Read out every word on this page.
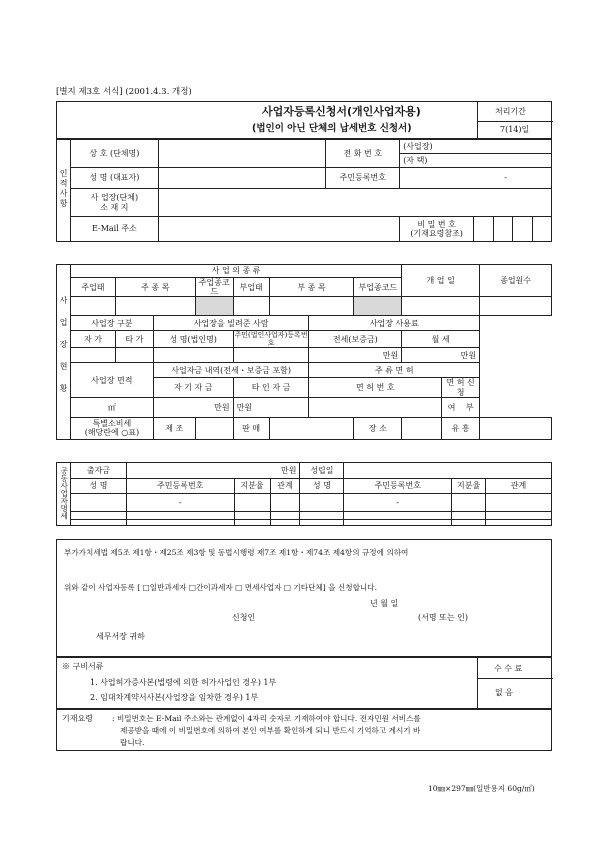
[별지 제3호 서식] (2001.4.3. 개정)
사업자등록신청서(개인사업자용)
(법인이 아닌 단체의 납세번호 신청서)
처리기간
7(14)일
인적사항	상 호 (단체명)		전 화 번 호	(사업장)	
				(자 택)	
	성 명 (대표자)		주민등록번호	-	
	사 업장(단체)
소 재 지				
	E-Mail 주소			비 밀 번 호
(기재요령참조)	
사업장현황	사 업 의 종 류								개 업 일		종업원수
	주업태	주 종 목		주업종코드	부업태	부 종 목		부업종코드			

	사업장 구분		사업장을 빌려준 사람				사업장 사용료				
	자 가	타 가	성 명(법인명)		주민(법인사업자)등록번호		전세(보증금)		월 세		
							만원		만원		
	사업장 면적		사업자금 내역(전세・보증금 포함)				주 류 면 허				
			자 기 자 금		타 인 자 금		면 허 번 호			면 허 신 청	
	㎡		만원		만원					여 부	
	특별소비세
(해당란에 ○표)		제 조		판 매			장 소		유 흥	
공동사업자명세	출자금	만원			성립일			
	성 명	주민등록번호	지분율	관계	성 명	주민등록번호	지분율	관계
		-				-		

부가가치세법 제5조 제1항・제25조 제3항 및 동법시행령 제7조 제1항・제74조 제4항의 규정에 의하여
위와 같이 사업자등록 [ □일반과세자 □간이과세자 □ 면세사업자 □ 기타단체] 을 신청합니다.
년 월 일
신청인	(서명 또는 인)
세무서장 귀하
※ 구비서류
1. 사업허가증사본(법령에 의한 허가사업인 경우) 1부
2. 임대차계약서사본(사업장을 임차한 경우) 1부
수 수 료
없 음
기재요령	: 비밀번호는 E-Mail 주소와는 관계없이 4자리 숫자로 기재하여야 합니다. 전자민원 서비스를
제공받을 때에 이 비밀번호에 의하여 본인 여부를 확인하게 되니 반드시 기억하고 계시기 바
랍니다.
10㎜×297㎜(일반용지 60g/㎡)
